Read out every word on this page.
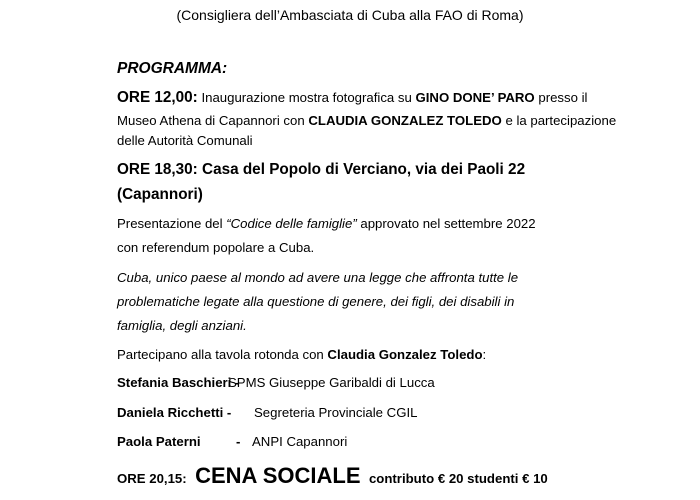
(Consigliera dell’Ambasciata di Cuba alla FAO di Roma)
PROGRAMMA:
ORE 12,00: Inaugurazione mostra fotografica su GINO DONE’ PARO presso il
Museo Athena di Capannori con CLAUDIA GONZALEZ TOLEDO e la partecipazione
delle Autorità Comunali
ORE 18,30: Casa del Popolo di Verciano, via dei Paoli 22
(Capannori)
Presentazione del “Codice delle famiglie” approvato nel settembre 2022
con referendum popolare a Cuba.
Cuba, unico paese al mondo ad avere una legge che affronta tutte le
problematiche legate alla questione di genere, dei figli, dei disabili in
famiglia, degli anziani.
Partecipano alla tavola rotonda con Claudia Gonzalez Toledo:
Stefania Baschieri -
SPMS Giuseppe Garibaldi di Lucca
Daniela Ricchetti - Segreteria Provinciale CGIL
Paola Paterni	- ANPI Capannori
ORE 20,15: CENA SOCIALE contributo € 20 studenti € 10
